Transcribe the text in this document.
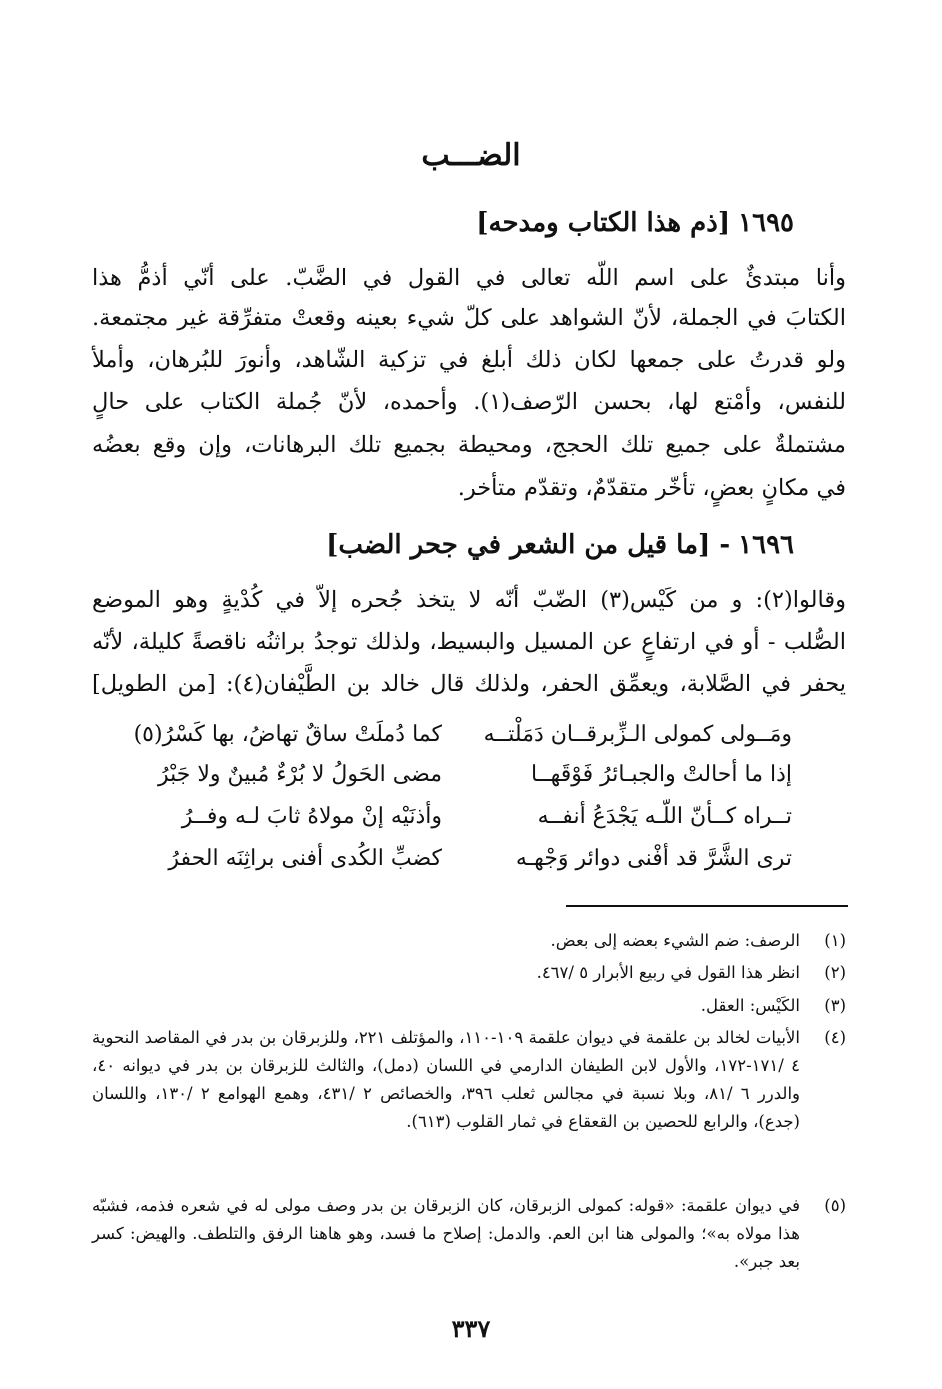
الضـــب
١٦٩٥[ذم هذا الكتاب ومدحه]

وأنا مبتدئٌ على اسم اللّه تعالى في القول في الضَّبّ. على أنّي أذمُّ هذا

الكتابَ في الجملة، لأنّ الشواهد على كلّ شيء بعينه وقعتْ متفرِّقة غير مجتمعة.

ولو قدرتُ على جمعها لكان ذلك أبلغ في تزكية الشّاهد، وأنورَ للبُرهان، وأملأ

للنفس، وأمْتع لها، بحسن الرّصف(١). وأحمده، لأنّ جُملة الكتاب على حالٍ

مشتملةٌ على جميع تلك الحجج، ومحيطة بجميع تلك البرهانات، وإن وقع بعضُه

في مكانٍ بعضٍ، تأخّر متقدّمٌ، وتقدّم متأخر.

١٦٩٦- [ما قيل من الشعر في جحر الضب]

وقالوا(٢): و من كَيْس(٣) الضّبّ أنّه لا يتخذ جُحره إلاّ في كُدْيةٍ وهو الموضع

الصُّلب - أو في ارتفاعٍ عن المسيل والبسيط، ولذلك توجدُ براثنُه ناقصةً كليلة، لأنّه

يحفر في الصَّلابة، ويعمِّق الحفر، ولذلك قال خالد بن الطَّيْفان(٤): [من الطويل]

ومَــولى كمولى الـزِّبرقــان دَمَلْتــه
كما دُملَتْ ساقٌ تهاضُ، بها كَسْرُ(٥)
إذا ما أحالتْ والجبـائرُ فَوْقَهــا
مضى الحَولُ لا بُرْءٌ مُبينٌ ولا جَبْرُ
تــراه كــأنّ اللّـه يَجْدَعُ أنفــه
وأذنَيْه إنْ مولاهُ ثابَ لـه وفــرُ
ترى الشَّرَّ قد أفْنى دوائر وَجْهـه
كضبِّ الكُدى أفنى براثِنَه الحفرُ
(١)
الرصف: ضم الشيء بعضه إلى بعض.
(٢)
انظر هذا القول في ربيع الأبرار ٥ /٤٦٧.
(٣)
الكَيْس: العقل.
(٤)
الأبيات لخالد بن علقمة في ديوان علقمة ١٠٩-١١٠، والمؤتلف ٢٢١، وللزبرقان بن بدر في المقاصد النحوية ٤ /١٧١-١٧٢، والأول لابن الطيفان الدارمي في اللسان (دمل)، والثالث للزبرقان بن بدر في ديوانه ٤٠، والدرر ٦ /٨١، وبلا نسبة في مجالس ثعلب ٣٩٦، والخصائص ٢ /٤٣١، وهمع الهوامع ٢ /١٣٠، واللسان (جدع)، والرابع للحصين بن القعقاع في ثمار القلوب (٦١٣).
(٥)
في ديوان علقمة: «قوله: كمولى الزبرقان، كان الزبرقان بن بدر وصف مولى له في شعره فذمه، فشبّه هذا مولاه به»؛ والمولى هنا ابن العم. والدمل: إصلاح ما فسد، وهو هاهنا الرفق والتلطف. والهيض: كسر بعد جبر».

٣٣٧
